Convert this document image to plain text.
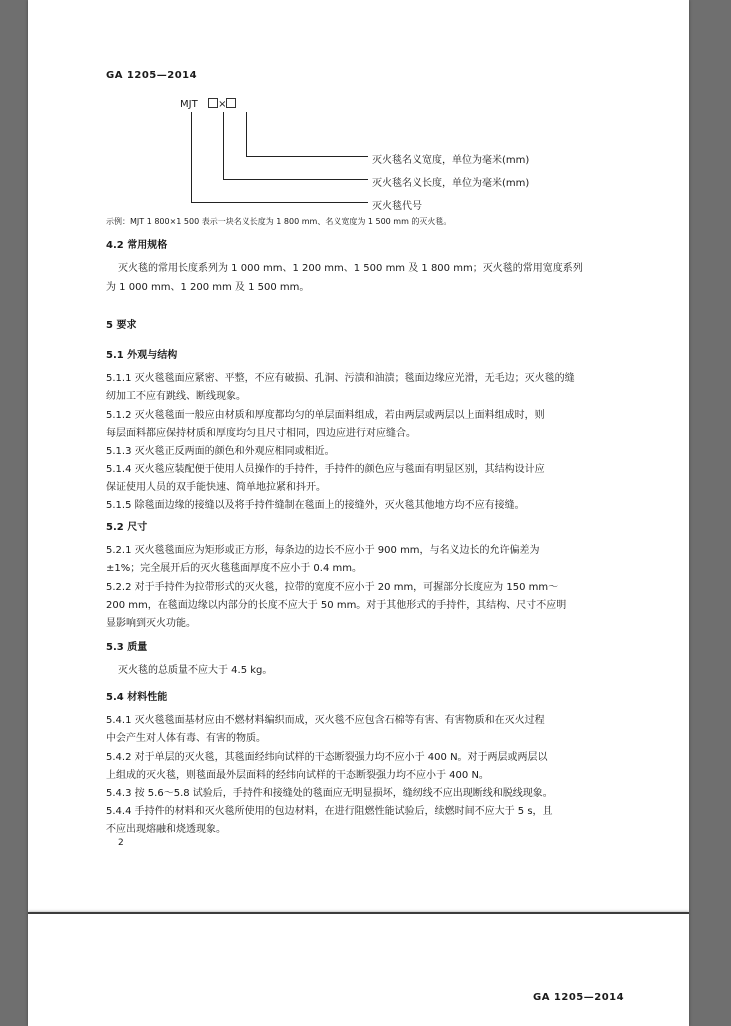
GA 1205—2014
MJT ×
灭火毯名义宽度，单位为毫米(mm)
灭火毯名义长度，单位为毫米(mm)
灭火毯代号
示例：MJT 1 800×1 500 表示一块名义长度为 1 800 mm、名义宽度为 1 500 mm 的灭火毯。
4.2 常用规格
灭火毯的常用长度系列为 1 000 mm、1 200 mm、1 500 mm 及 1 800 mm；灭火毯的常用宽度系列
为 1 000 mm、1 200 mm 及 1 500 mm。
5 要求
5.1 外观与结构
5.1.1 灭火毯毯面应紧密、平整，不应有破损、孔洞、污渍和油渍；毯面边缘应光滑，无毛边；灭火毯的缝
纫加工不应有跳线、断线现象。
5.1.2 灭火毯毯面一般应由材质和厚度都均匀的单层面料组成，若由两层或两层以上面料组成时，则
每层面料都应保持材质和厚度均匀且尺寸相同，四边应进行对应缝合。
5.1.3 灭火毯正反两面的颜色和外观应相同或相近。
5.1.4 灭火毯应装配便于使用人员操作的手持件，手持件的颜色应与毯面有明显区别，其结构设计应
保证使用人员的双手能快速、简单地拉紧和抖开。
5.1.5 除毯面边缘的接缝以及将手持件缝制在毯面上的接缝外，灭火毯其他地方均不应有接缝。
5.2 尺寸
5.2.1 灭火毯毯面应为矩形或正方形，每条边的边长不应小于 900 mm，与名义边长的允许偏差为
±1%；完全展开后的灭火毯毯面厚度不应小于 0.4 mm。
5.2.2 对于手持件为拉带形式的灭火毯，拉带的宽度不应小于 20 mm，可握部分长度应为 150 mm～
200 mm，在毯面边缘以内部分的长度不应大于 50 mm。对于其他形式的手持件，其结构、尺寸不应明
显影响到灭火功能。
5.3 质量
灭火毯的总质量不应大于 4.5 kg。
5.4 材料性能
5.4.1 灭火毯毯面基材应由不燃材料编织而成，灭火毯不应包含石棉等有害、有害物质和在灭火过程
中会产生对人体有毒、有害的物质。
5.4.2 对于单层的灭火毯，其毯面经纬向试样的干态断裂强力均不应小于 400 N。对于两层或两层以
上组成的灭火毯，则毯面最外层面料的经纬向试样的干态断裂强力均不应小于 400 N。
5.4.3 按 5.6～5.8 试验后，手持件和接缝处的毯面应无明显损坏，缝纫线不应出现断线和脱线现象。
5.4.4 手持件的材料和灭火毯所使用的包边材料，在进行阻燃性能试验后，续燃时间不应大于 5 s，且
不应出现熔融和烧透现象。
2
GA 1205—2014
